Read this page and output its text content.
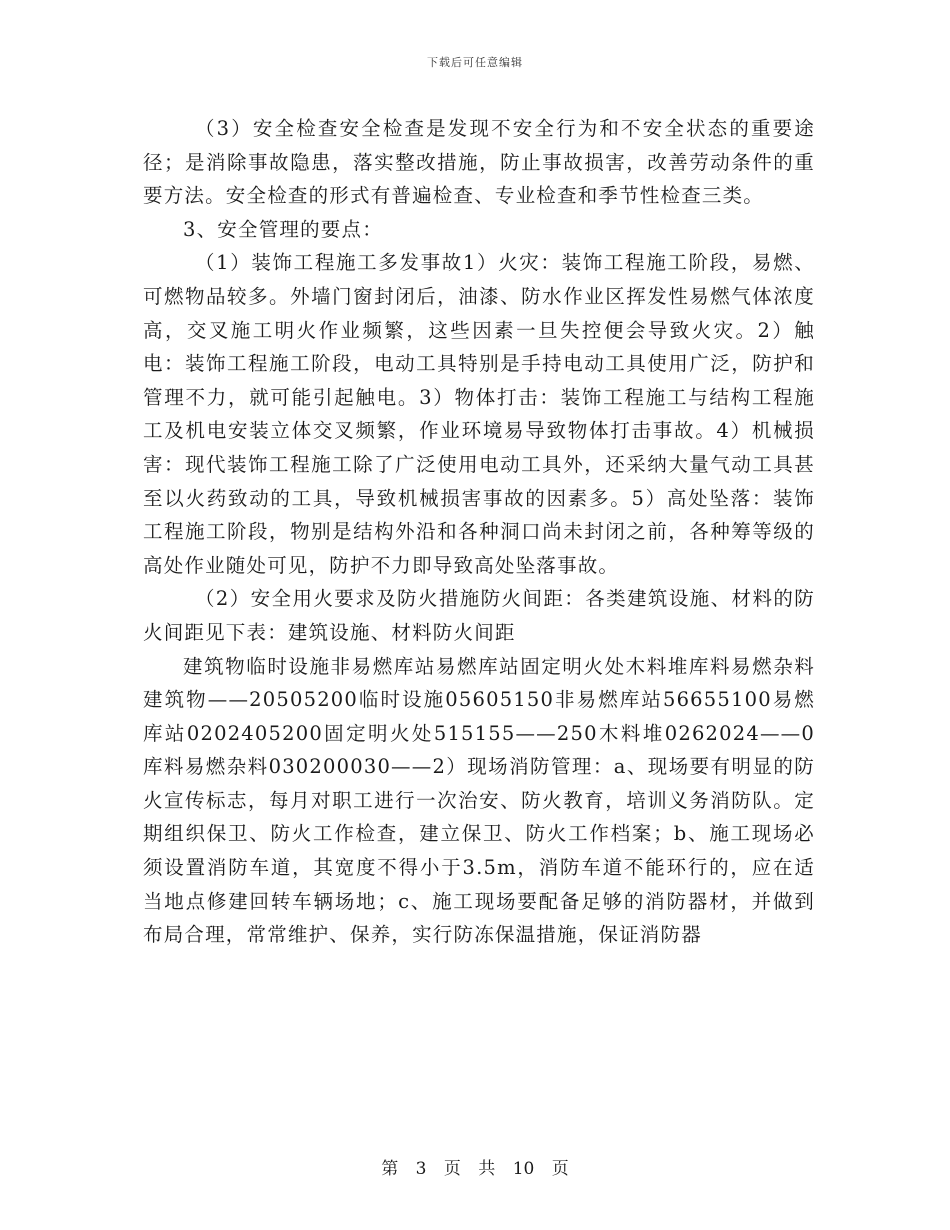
下载后可任意编辑

（3）安全检查安全检查是发现不安全行为和不安全状态的重要途径；是消除事故隐患，落实整改措施，防止事故损害，改善劳动条件的重要方法。安全检查的形式有普遍检查、专业检查和季节性检查三类。

3、安全管理的要点：

（1）装饰工程施工多发事故1）火灾：装饰工程施工阶段，易燃、可燃物品较多。外墙门窗封闭后，油漆、防水作业区挥发性易燃气体浓度高，交叉施工明火作业频繁，这些因素一旦失控便会导致火灾。2）触电：装饰工程施工阶段，电动工具特别是手持电动工具使用广泛，防护和管理不力，就可能引起触电。3）物体打击：装饰工程施工与结构工程施工及机电安装立体交叉频繁，作业环境易导致物体打击事故。4）机械损害：现代装饰工程施工除了广泛使用电动工具外，还采纳大量气动工具甚至以火药致动的工具，导致机械损害事故的因素多。5）高处坠落：装饰工程施工阶段，物别是结构外沿和各种洞口尚未封闭之前，各种筹等级的高处作业随处可见，防护不力即导致高处坠落事故。

（2）安全用火要求及防火措施防火间距：各类建筑设施、材料的防火间距见下表：建筑设施、材料防火间距

建筑物临时设施非易燃库站易燃库站固定明火处木料堆库料易燃杂料建筑物——20505200临时设施05605150非易燃库站56655100易燃库站0202405200固定明火处515155——250木料堆0262024——0库料易燃杂料030200030——2）现场消防管理：a、现场要有明显的防火宣传标志，每月对职工进行一次治安、防火教育，培训义务消防队。定期组织保卫、防火工作检查，建立保卫、防火工作档案；b、施工现场必须设置消防车道，其宽度不得小于3.5m，消防车道不能环行的，应在适当地点修建回转车辆场地；c、施工现场要配备足够的消防器材，并做到布局合理，常常维护、保养，实行防冻保温措施，保证消防器

第 3 页 共 10 页
